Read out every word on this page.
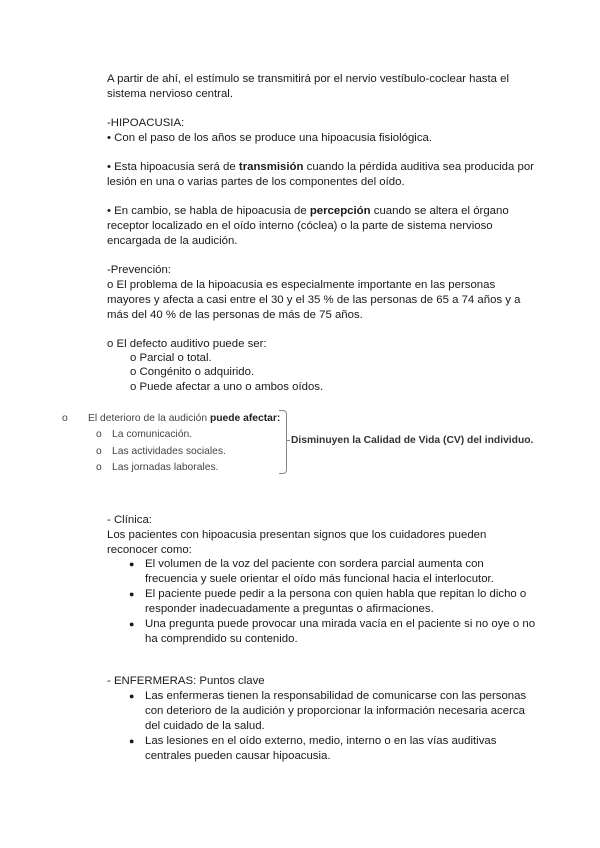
A partir de ahí, el estímulo se transmitirá por el nervio vestíbulo-coclear hasta el
sistema nervioso central.
-HIPOACUSIA:
• Con el paso de los años se produce una hipoacusia fisiológica.
• Esta hipoacusia será de transmisión cuando la pérdida auditiva sea producida por
lesión en una o varias partes de los componentes del oído.
• En cambio, se habla de hipoacusia de percepción cuando se altera el órgano
receptor localizado en el oído interno (cóclea) o la parte de sistema nervioso
encargada de la audición.
-Prevención:
o El problema de la hipoacusia es especialmente importante en las personas
mayores y afecta a casi entre el 30 y el 35 % de las personas de 65 a 74 años y a
más del 40 % de las personas de más de 75 años.
o El defecto auditivo puede ser:
o Parcial o total.
o Congénito o adquirido.
o Puede afectar a uno o ambos oídos.
o El deterioro de la audición puede afectar:
o La comunicación.
o Las actividades sociales.
o Las jornadas laborales.
Disminuyen la Calidad de Vida (CV) del individuo.
- Clínica:
Los pacientes con hipoacusia presentan signos que los cuidadores pueden
reconocer como:
● El volumen de la voz del paciente con sordera parcial aumenta con
frecuencia y suele orientar el oído más funcional hacia el interlocutor.
● El paciente puede pedir a la persona con quien habla que repitan lo dicho o
responder inadecuadamente a preguntas o afirmaciones.
● Una pregunta puede provocar una mirada vacía en el paciente si no oye o no
ha comprendido su contenido.
- ENFERMERAS: Puntos clave
● Las enfermeras tienen la responsabilidad de comunicarse con las personas
con deterioro de la audición y proporcionar la información necesaria acerca
del cuidado de la salud.
● Las lesiones en el oído externo, medio, interno o en las vías auditivas
centrales pueden causar hipoacusia.
